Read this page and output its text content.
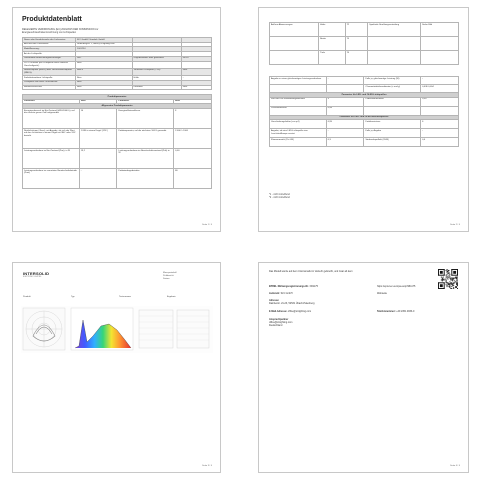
Produktdatenblatt
DELEGIERTE VERORDNUNG (EU) 2019/2015 DER KOMMISSION zur
Energieverbrauchskennzeichnung von Lichtquellen
Name oder Handelsmarke des Lieferanten:	SLV GmbH / Handels GmbH		
Anschrift des Lieferanten:	Gutenbergstr. 1, office@sl-lighting.com		
Modellkennung:	1001234		
Art der Lichtquelle:			
Verwendete Beleuchtungstechnologie:	LED	Ungebündeltes oder gebündelt:	NDLS
LLCC-Scheibe (bei Lichtquelle ohne externes Vorschaltgerät):	Nein		
Netzlichtquelle (NMLS) bzw. Nicht-Netzlichtquelle (NMLS):	NMLS	Vernetzte Lichtquelle (CLS):	Nein
Farbabstimmbare Lichtquelle:	Nein	Hülle:	-
Lichtquelle mit hoher Leuchtdichte:	Nein		
Blendschutzschild:	Nein	Dimmbar:	Nein
Produktparameter			
Parameter	Wert	Parameter	Wert
Allgemeine Produktparameter			
Energieverbrauch im Ein-Zustand (kWh/1000 h), auf die nächste ganze Zahl aufgerundet	14	Energieeffizienzklasse	F
Nutzlichtstrom (Φuse), mit Angabe, ob sich der Wert auf den Lichtstrom in einem Kegel mit 360° oder 120° bezieht	1 680 in einem Kegel (120°)	Farbtemperatur, auf die nächsten 100 K gerundet	3 000 / 4 000
Leistungsaufnahme im Ein-Zustand (Pon), in W	13,2	Leistungsaufnahme im Bereitschaftszustand (Psb) in W	0,00
Leistungsaufnahme im vernetzten Bereitschaftsbetrieb (Pnet)	-	Farbwiedergabeindex	80
Seite 1 / 4
Äußere Abmessungen	Höhe	72	Spektrale Strahlungsverteilung	Siehe Bild
	Breite	74		
	Tiefe	74		
Angabe zu einer gleichwertigen Leistungsaufnahme	-	Falls ja, gleichwertige Leistung (W)	-
		Chromatizitätskoordinaten (x und y)	0,436 0,404
Parameter für LED- und OLED-Lichtquellen			
Wert des R9-Farbwiedergabeindex	5	Lebensdauerfaktor	0,90
Lichtstromerhalt	0,96		
Parameter für LED- und OLED-Netzlichtquellen			
Verschiebungsfaktor (cos φ1)	0,95	Farbkonsistenz	6
Angabe, ob eine LED-Lichtquelle eine Leuchtstofflampe ersetzt	-	Falls ja, Angabe	-
Flimmermetrik (Pst LM)	0,3	Stroboskopeffekt (SVM)	0,4
*1 - nicht zutreffend
*2 - nicht zutreffend
Seite 2 / 4
INTERSOLID
ELECTRONIC LIGHTING
Messprotokoll
Prüfbericht
Datum
Produkt	Typ	Testnummer	Ergebnis
Seite 3 / 4
Das Modell wurde auf dem Unionsmarkt in Verkehr gebracht, und zwar ab dem
EPREL-Wirkungsregistrierungs-Nr.: 961175	https://eprel.ec.europa.eu/qr/961175
Lieferant: SLV GmbH	Webseite
Adresse:
Daimlerstr. 21-23, 52531 Übach-Palenberg
E-Mail-Adresse: office@sl-lighting.com	Telefonnummer: +49 2451 4833-0
Ansprechpartner
office@sl-lighting.com
Deutschland
Seite 4 / 4
